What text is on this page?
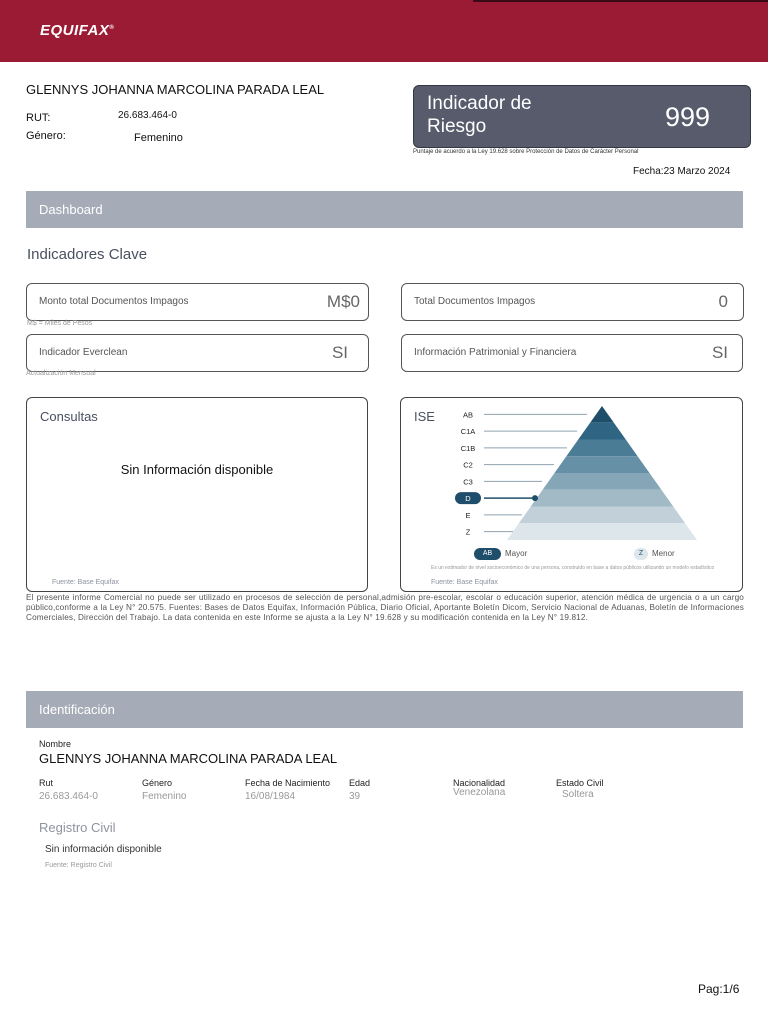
EQUIFAX®
GLENNYS JOHANNA MARCOLINA PARADA LEAL
RUT:	26.683.464-0
Género:	Femenino
Indicador de Riesgo	999
Puntaje de acuerdo a la Ley 19.628 sobre Protección de Datos de Carácter Personal
Fecha:23 Marzo 2024
Dashboard
Indicadores Clave
Monto total Documentos Impagos	M$0
M$ = Miles de Pesos
Total Documentos Impagos	0
Indicador Everclean	SI
Actualización Mensual
Información Patrimonial y Financiera	SI
Consultas
Sin Información disponible
Fuente: Base Equifax
ISE	AB
C1A
C1B
C2
C3
D
E
Z
AB	Mayor	Z	Menor
Es un estimador de nivel socioeconómico de una persona, construido en base a datos públicos utilizando un modelo estadístico
Fuente: Base Equifax
El presente informe Comercial no puede ser utilizado en procesos de selección de personal,admisión pre-escolar, escolar o educación superior, atención médica de urgencia o a un cargo público,conforme a la Ley N° 20.575. Fuentes: Bases de Datos Equifax, Información Pública, Diario Oficial, Aportante Boletín Dicom, Servicio Nacional de Aduanas, Boletín de Informaciones Comerciales, Dirección del Trabajo. La data contenida en este Informe se ajusta a la Ley N° 19.628 y su modificación contenida en la Ley N° 19.812.
Identificación
Nombre
GLENNYS JOHANNA MARCOLINA PARADA LEAL
Rut
26.683.464-0
Género
Femenino
Fecha de Nacimiento
16/08/1984
Edad
39
Nacionalidad
Venezolana
Estado Civil
Soltera
Registro Civil
Sin información disponible
Fuente: Registro Civil
Pag:1/6
